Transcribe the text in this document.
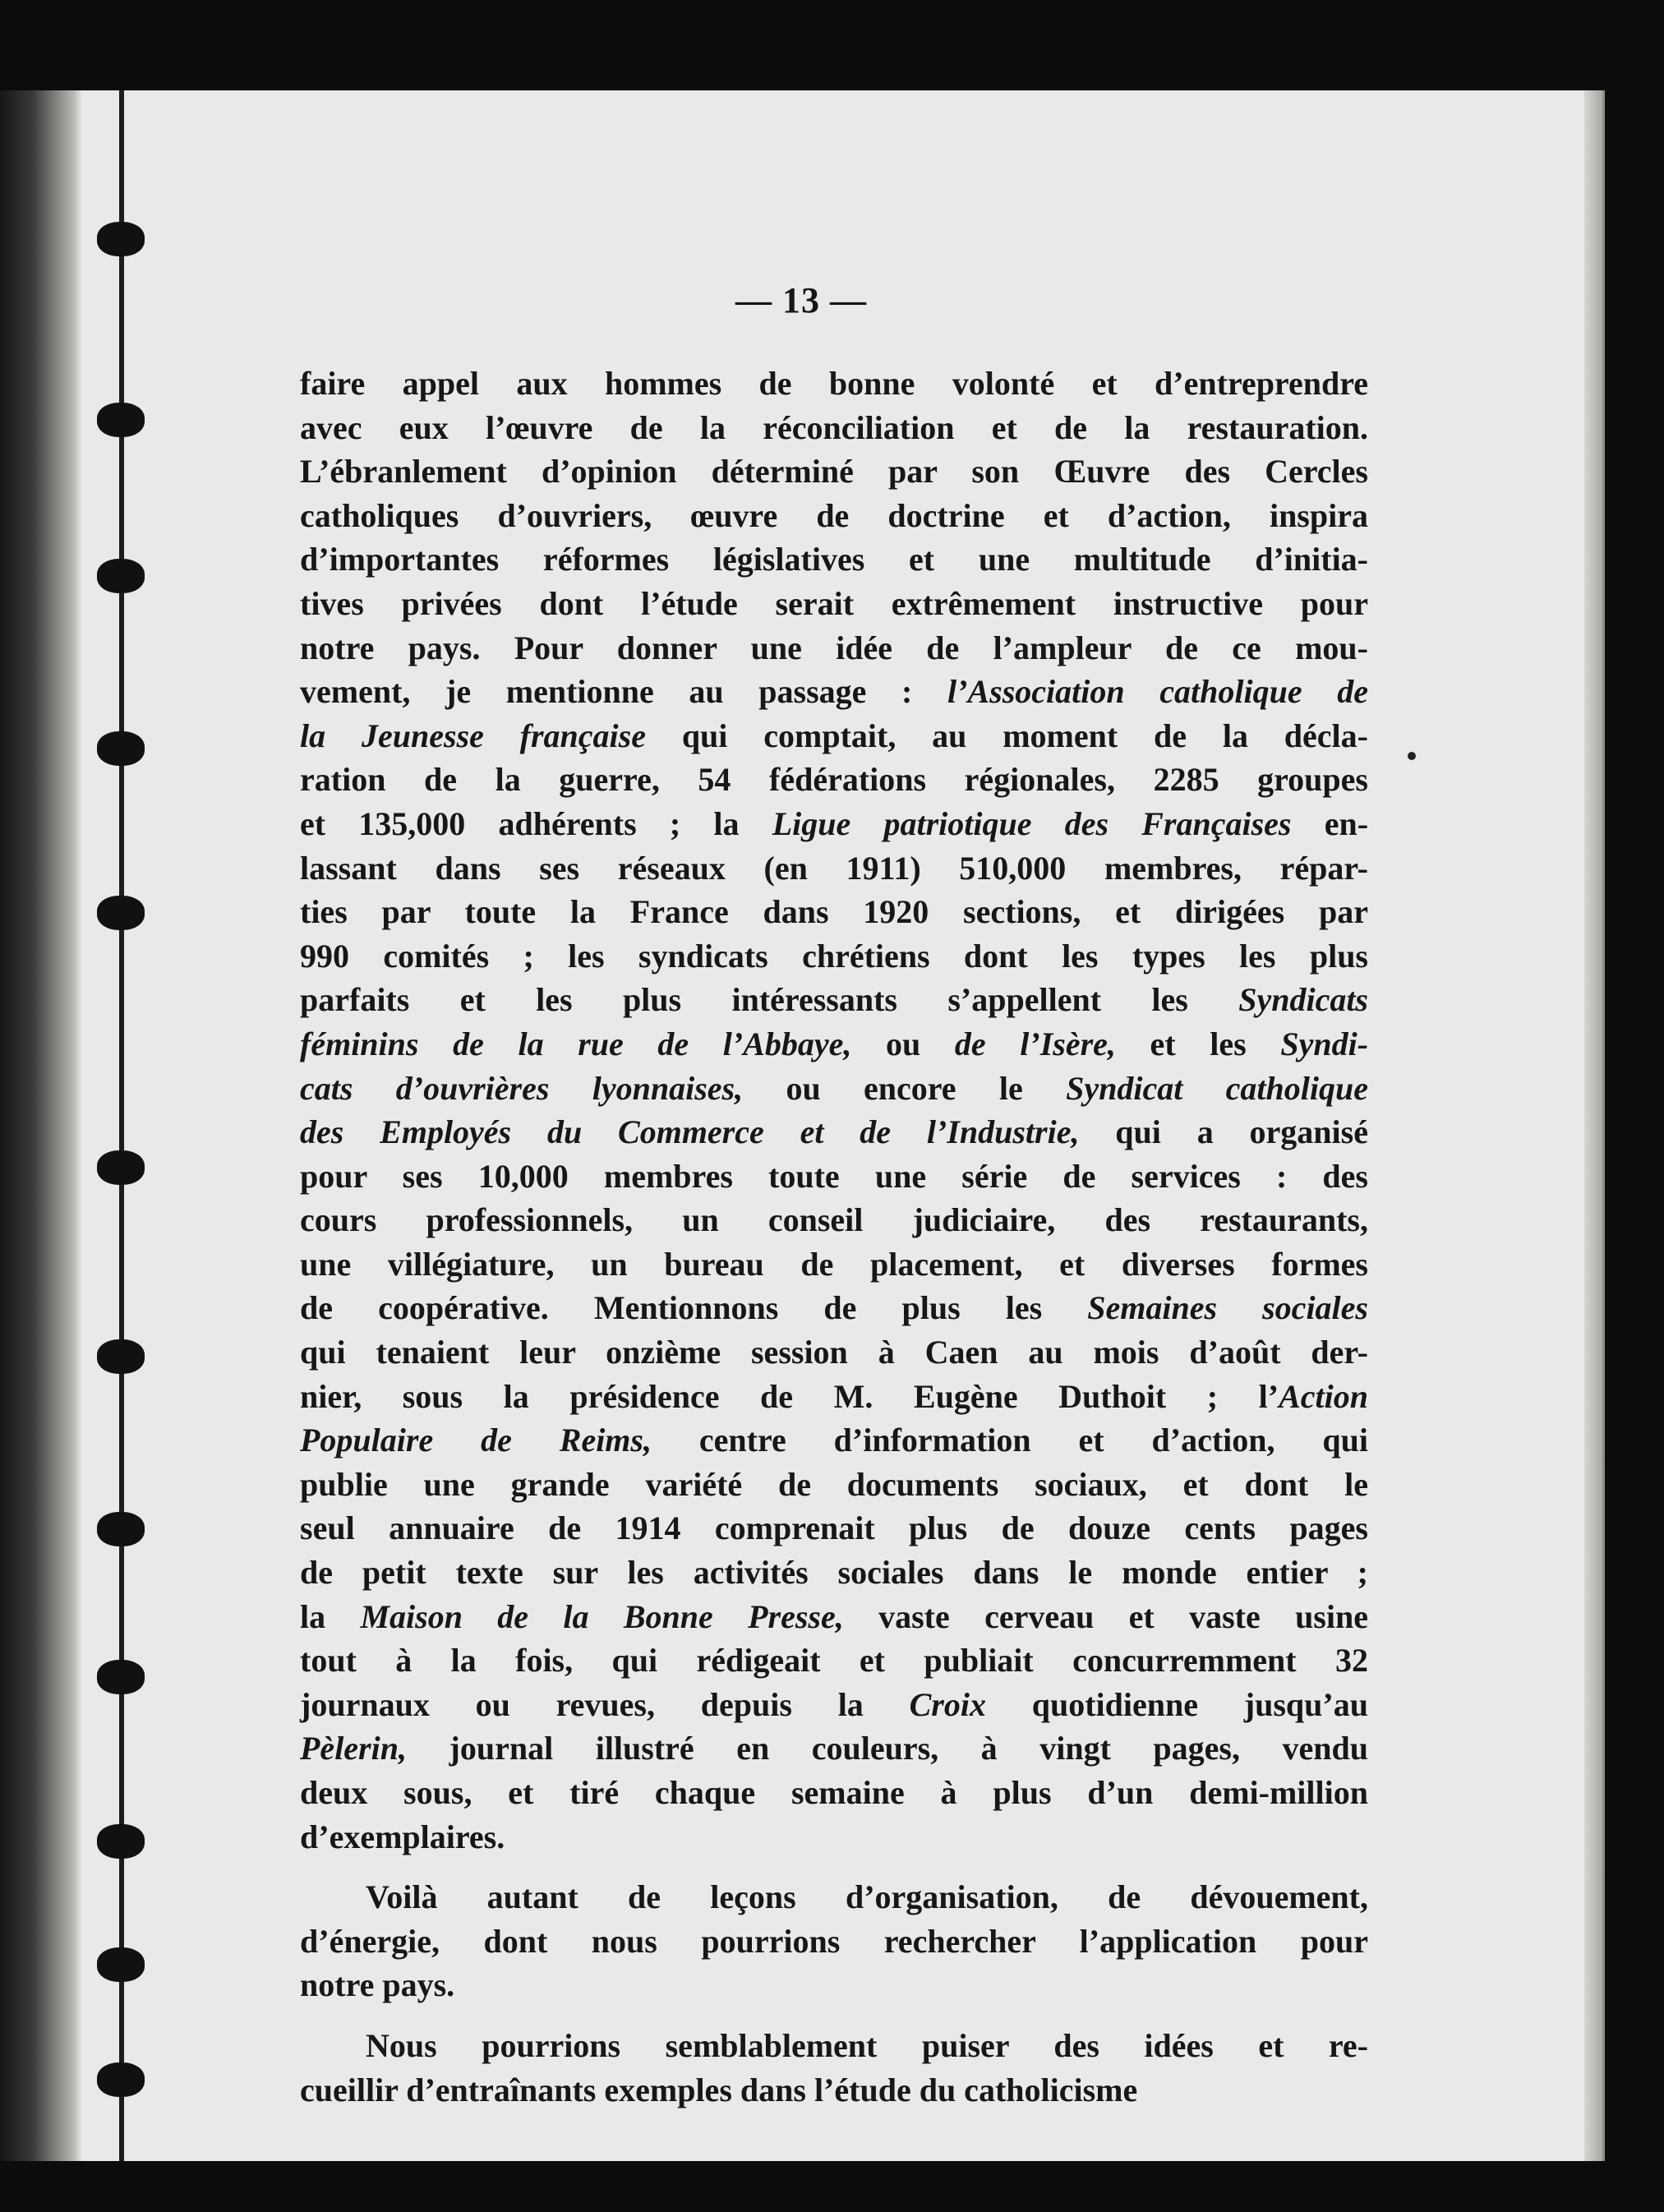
— 13 —
faire appel aux hommes de bonne volonté et d’entreprendre
avec eux l’œuvre de la réconciliation et de la restauration.
L’ébranlement d’opinion déterminé par son Œuvre des Cercles
catholiques d’ouvriers, œuvre de doctrine et d’action, inspira
d’importantes réformes législatives et une multitude d’initia-
tives privées dont l’étude serait extrêmement instructive pour
notre pays. Pour donner une idée de l’ampleur de ce mou-
vement, je mentionne au passage : l’Association catholique de
la Jeunesse française qui comptait, au moment de la décla-
ration de la guerre, 54 fédérations régionales, 2285 groupes
et 135,000 adhérents ; la Ligue patriotique des Françaises en-
lassant dans ses réseaux (en 1911) 510,000 membres, répar-
ties par toute la France dans 1920 sections, et dirigées par
990 comités ; les syndicats chrétiens dont les types les plus
parfaits et les plus intéressants s’appellent les Syndicats
féminins de la rue de l’Abbaye, ou de l’Isère, et les Syndi-
cats d’ouvrières lyonnaises, ou encore le Syndicat catholique
des Employés du Commerce et de l’Industrie, qui a organisé
pour ses 10,000 membres toute une série de services : des
cours professionnels, un conseil judiciaire, des restaurants,
une villégiature, un bureau de placement, et diverses formes
de coopérative. Mentionnons de plus les Semaines sociales
qui tenaient leur onzième session à Caen au mois d’août der-
nier, sous la présidence de M. Eugène Duthoit ; l’Action
Populaire de Reims, centre d’information et d’action, qui
publie une grande variété de documents sociaux, et dont le
seul annuaire de 1914 comprenait plus de douze cents pages
de petit texte sur les activités sociales dans le monde entier ;
la Maison de la Bonne Presse, vaste cerveau et vaste usine
tout à la fois, qui rédigeait et publiait concurremment 32
journaux ou revues, depuis la Croix quotidienne jusqu’au
Pèlerin, journal illustré en couleurs, à vingt pages, vendu
deux sous, et tiré chaque semaine à plus d’un demi-million
d’exemplaires.
Voilà autant de leçons d’organisation, de dévouement,
d’énergie, dont nous pourrions rechercher l’application pour
notre pays.
Nous pourrions semblablement puiser des idées et re-
cueillir d’entraînants exemples dans l’étude du catholicisme
